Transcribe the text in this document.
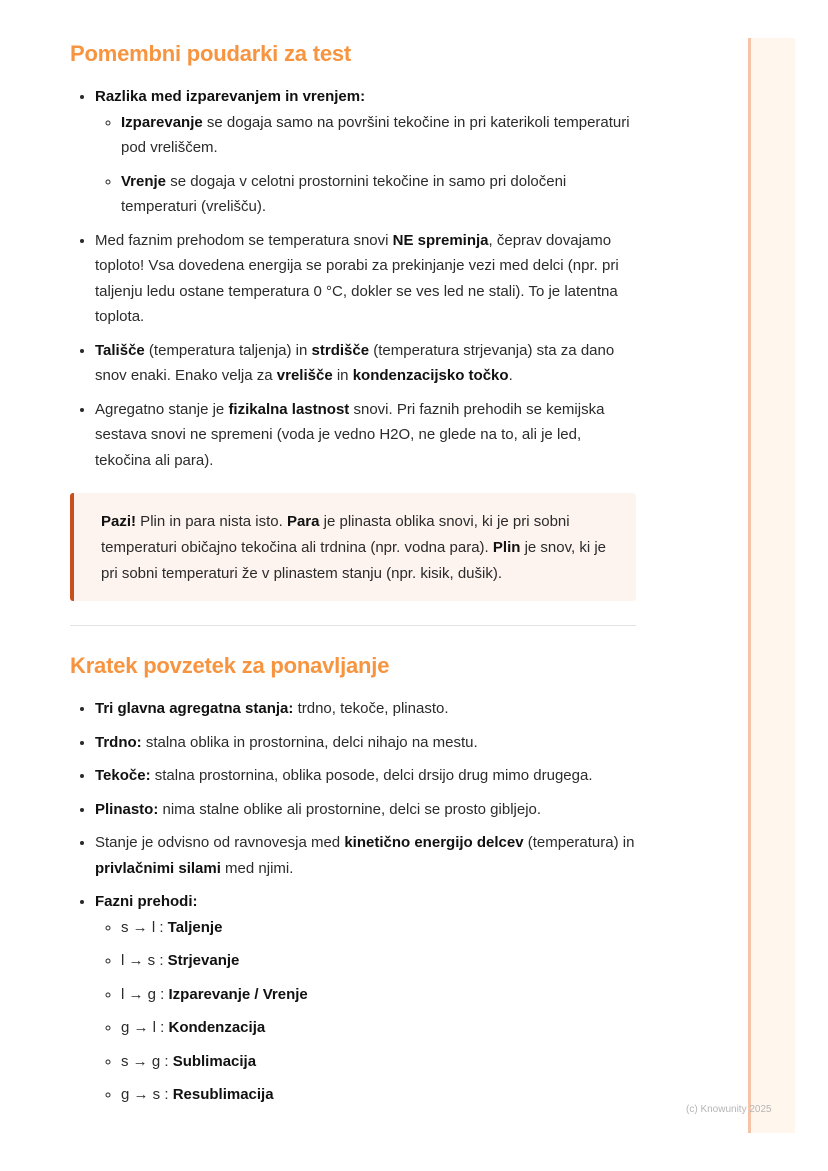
Pomembni poudarki za test
• Razlika med izparevanjem in vrenjem:
◦ Izparevanje se dogaja samo na površini tekočine in pri katerikoli temperaturi pod vreliščem.
◦ Vrenje se dogaja v celotni prostornini tekočine in samo pri določeni temperaturi (vrelišču).
• Med faznim prehodom se temperatura snovi NE spreminja, čeprav dovajamo toploto! Vsa dovedena energija se porabi za prekinjanje vezi med delci (npr. pri taljenju ledu ostane temperatura 0 °C, dokler se ves led ne stali). To je latentna toplota.
• Tališče (temperatura taljenja) in strdišče (temperatura strjevanja) sta za dano snov enaki. Enako velja za vrelišče in kondenzacijsko točko.
• Agregatno stanje je fizikalna lastnost snovi. Pri faznih prehodih se kemijska sestava snovi ne spremeni (voda je vedno H2O, ne glede na to, ali je led, tekočina ali para).
Pazi! Plin in para nista isto. Para je plinasta oblika snovi, ki je pri sobni temperaturi običajno tekočina ali trdnina (npr. vodna para). Plin je snov, ki je pri sobni temperaturi že v plinastem stanju (npr. kisik, dušik).
Kratek povzetek za ponavljanje
• Tri glavna agregatna stanja: trdno, tekoče, plinasto.
• Trdno: stalna oblika in prostornina, delci nihajo na mestu.
• Tekoče: stalna prostornina, oblika posode, delci drsijo drug mimo drugega.
• Plinasto: nima stalne oblike ali prostornine, delci se prosto gibljejo.
• Stanje je odvisno od ravnovesja med kinetično energijo delcev (temperatura) in privlačnimi silami med njimi.
• Fazni prehodi:
◦ s → l : Taljenje
◦ l → s : Strjevanje
◦ l → g : Izparevanje / Vrenje
◦ g → l : Kondenzacija
◦ s → g : Sublimacija
◦ g → s : Resublimacija
(c) Knowunity 2025
